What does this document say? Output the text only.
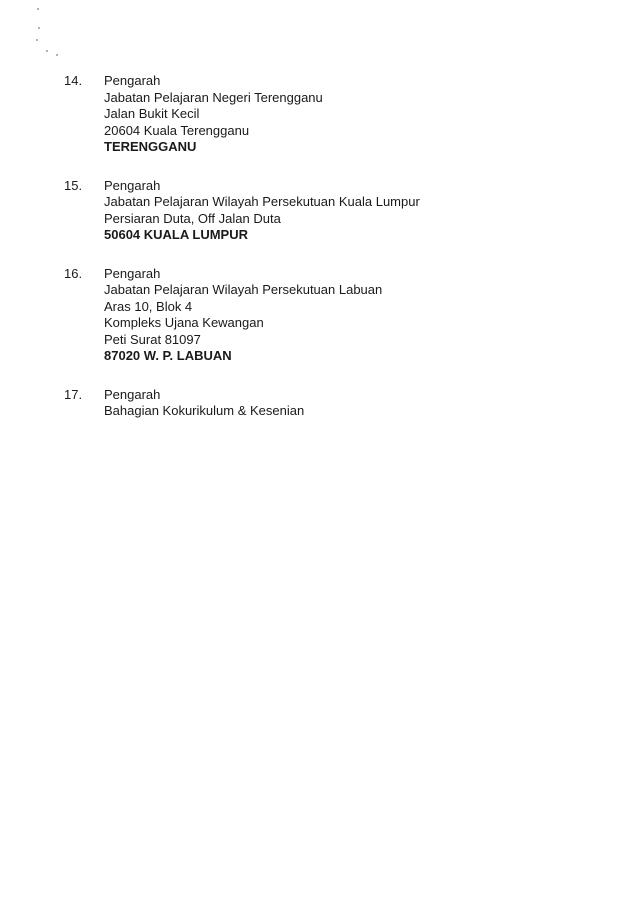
14.	Pengarah
Jabatan Pelajaran Negeri Terengganu
Jalan Bukit Kecil
20604 Kuala Terengganu
TERENGGANU
15.	Pengarah
Jabatan Pelajaran Wilayah Persekutuan Kuala Lumpur
Persiaran Duta, Off Jalan Duta
50604 KUALA LUMPUR
16.	Pengarah
Jabatan Pelajaran Wilayah Persekutuan Labuan
Aras 10, Blok 4
Kompleks Ujana Kewangan
Peti Surat 81097
87020 W. P. LABUAN
17.	Pengarah
Bahagian Kokurikulum & Kesenian
